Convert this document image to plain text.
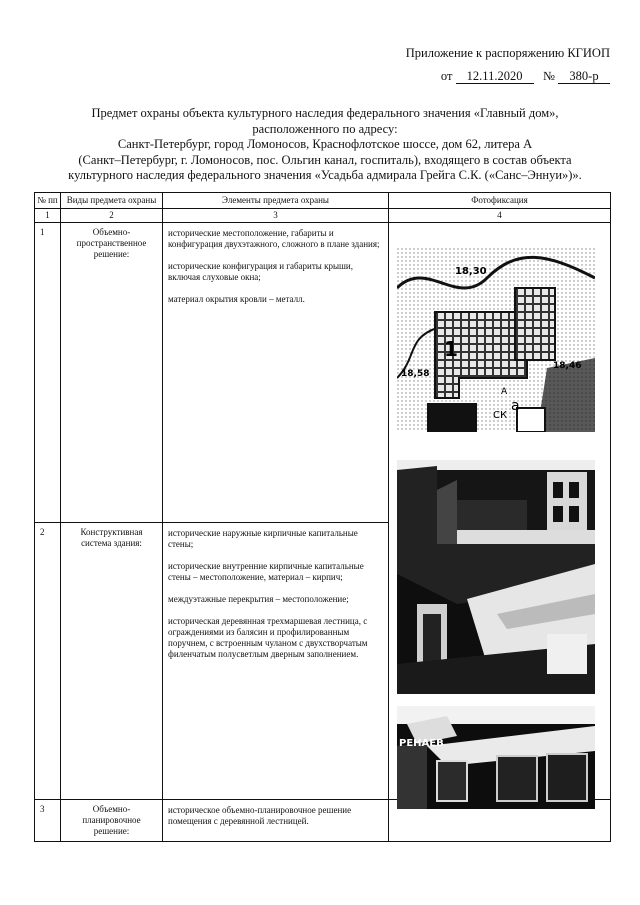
Приложение к распоряжению КГИОП
от 12.11.2020 № 380-р
Предмет охраны объекта культурного наследия федерального значения «Главный дом»,
расположенного по адресу:
Санкт-Петербург, город Ломоносов, Краснофлотское шоссе, дом 62, литера А
(Санкт–Петербург, г. Ломоносов, пос. Ольгин канал, госпиталь), входящего в состав объекта
культурного наследия федерального значения «Усадьба адмирала Грейга С.К. («Санс–Эннуи»)».
№ пп	Виды предмета охраны	Элементы предмета охраны	Фотофиксация
1	2	3	4
1	Объемно-пространственное решение:	исторические местоположение, габариты и конфигурация двухэтажного, сложного в плане здания;

исторические конфигурация и габариты крыши, включая слуховые окна;

материал окрытия кровли – металл.	

2	Конструктивная система здания:	исторические наружные кирпичные капитальные стены;

исторические внутренние кирпичные капитальные стены – местоположение, материал – кирпич;

междуэтажные перекрытия – местоположение;

историческая деревянная трехмаршевая лестница, с ограждениями из балясин и профилированным поручнем, с встроенным чуланом с двухстворчатым филенчатым полусветлым дверным заполнением.	

3	Объемно-планировочное решение:	историческое объемно-планировочное решение помещения с деревянной лестницей.	

18,30
1
18,58
18,46
А
СК
а
РЕНАЕВ
